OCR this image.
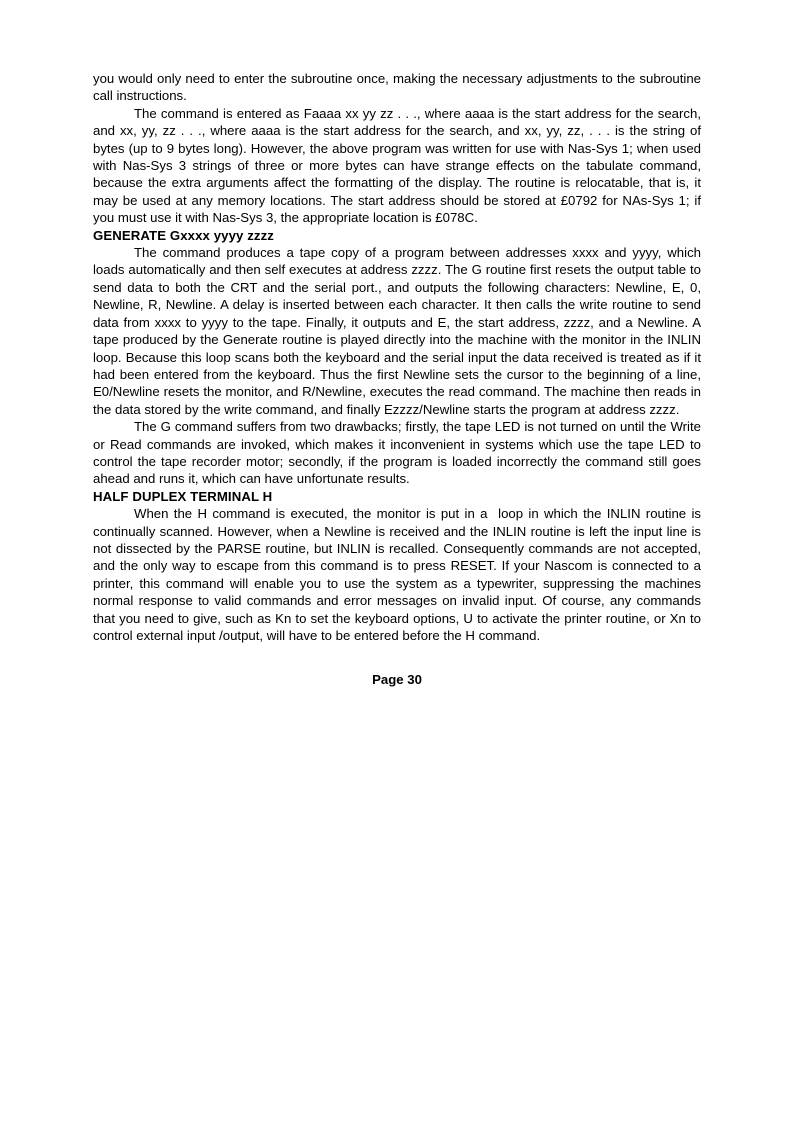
you would only need to enter the subroutine once, making the necessary adjustments to the subroutine call instructions.

The command is entered as Faaaa xx yy zz . . ., where aaaa is the start address for the search, and xx, yy, zz . . ., where aaaa is the start address for the search, and xx, yy, zz, . . . is the string of bytes (up to 9 bytes long). However, the above program was written for use with Nas-Sys 1; when used with Nas-Sys 3 strings of three or more bytes can have strange effects on the tabulate command, because the extra arguments affect the formatting of the display. The routine is relocatable, that is, it may be used at any memory locations. The start address should be stored at £0792 for NAs-Sys 1; if you must use it with Nas-Sys 3, the appropriate location is £078C.

GENERATE Gxxxx yyyy zzzz

The command produces a tape copy of a program between addresses xxxx and yyyy, which loads automatically and then self executes at address zzzz. The G routine first resets the output table to send data to both the CRT and the serial port., and outputs the following characters: Newline, E, 0, Newline, R, Newline. A delay is inserted between each character. It then calls the write routine to send data from xxxx to yyyy to the tape. Finally, it outputs and E, the start address, zzzz, and a Newline. A tape produced by the Generate routine is played directly into the machine with the monitor in the INLIN loop. Because this loop scans both the keyboard and the serial input the data received is treated as if it had been entered from the keyboard. Thus the first Newline sets the cursor to the beginning of a line, E0/Newline resets the monitor, and R/Newline, executes the read command. The machine then reads in the data stored by the write command, and finally Ezzzz/Newline starts the program at address zzzz.

The G command suffers from two drawbacks; firstly, the tape LED is not turned on until the Write or Read commands are invoked, which makes it inconvenient in systems which use the tape LED to control the tape recorder motor; secondly, if the program is loaded incorrectly the command still goes ahead and runs it, which can have unfortunate results.

HALF DUPLEX TERMINAL H

When the H command is executed, the monitor is put in a  loop in which the INLIN routine is continually scanned. However, when a Newline is received and the INLIN routine is left the input line is not dissected by the PARSE routine, but INLIN is recalled. Consequently commands are not accepted, and the only way to escape from this command is to press RESET. If your Nascom is connected to a printer, this command will enable you to use the system as a typewriter, suppressing the machines normal response to valid commands and error messages on invalid input. Of course, any commands that you need to give, such as Kn to set the keyboard options, U to activate the printer routine, or Xn to control external input /output, will have to be entered before the H command.

Page 30
